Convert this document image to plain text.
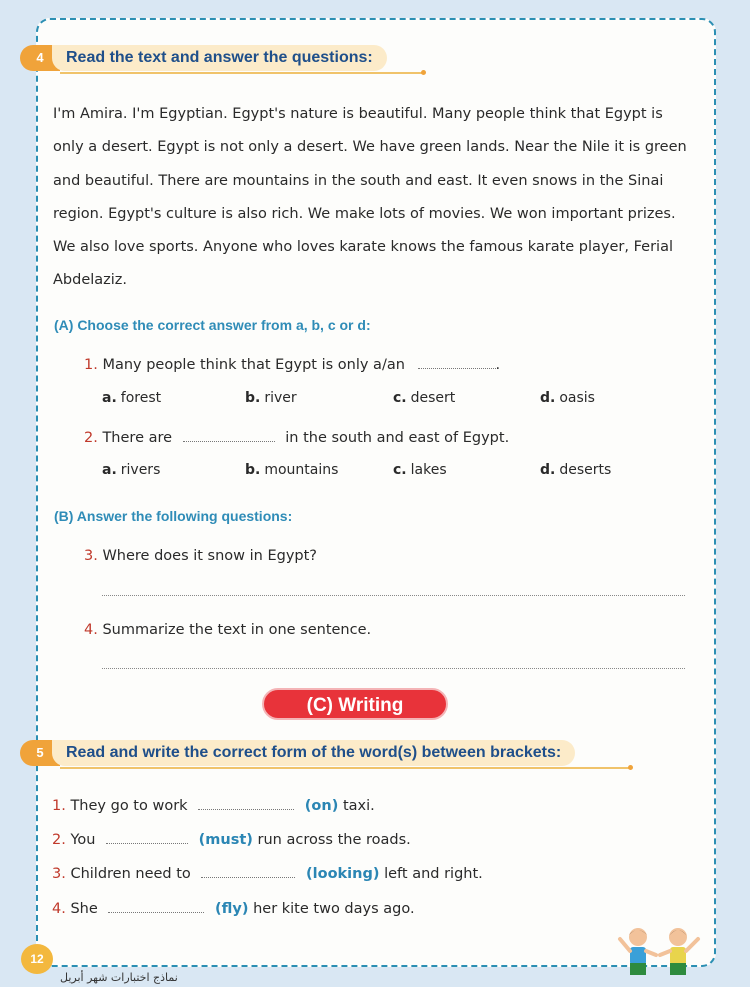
4	Read the text and answer the questions:
I'm Amira. I'm Egyptian. Egypt's nature is beautiful. Many people think that Egypt is
only a desert. Egypt is not only a desert. We have green lands. Near the Nile it is green
and beautiful. There are mountains in the south and east. It even snows in the Sinai
region. Egypt's culture is also rich. We make lots of movies. We won important prizes.
We also love sports. Anyone who loves karate knows the famous karate player, Ferial
Abdelaziz.
(A) Choose the correct answer from a, b, c or d:
1. Many people think that Egypt is only a/an	.
a. forest	b. river	c. desert	d. oasis
2. There are	in the south and east of Egypt.
a. rivers	b. mountains	c. lakes	d. deserts
(B) Answer the following questions:
3. Where does it snow in Egypt?
4. Summarize the text in one sentence.
(C) Writing
5	Read and write the correct form of the word(s) between brackets:
1. They go to work	(on) taxi.
2. You	(must) run across the roads.
3. Children need to	(looking) left and right.
4. She	(fly) her kite two days ago.
12
نماذج اختبارات شهر أبريل
